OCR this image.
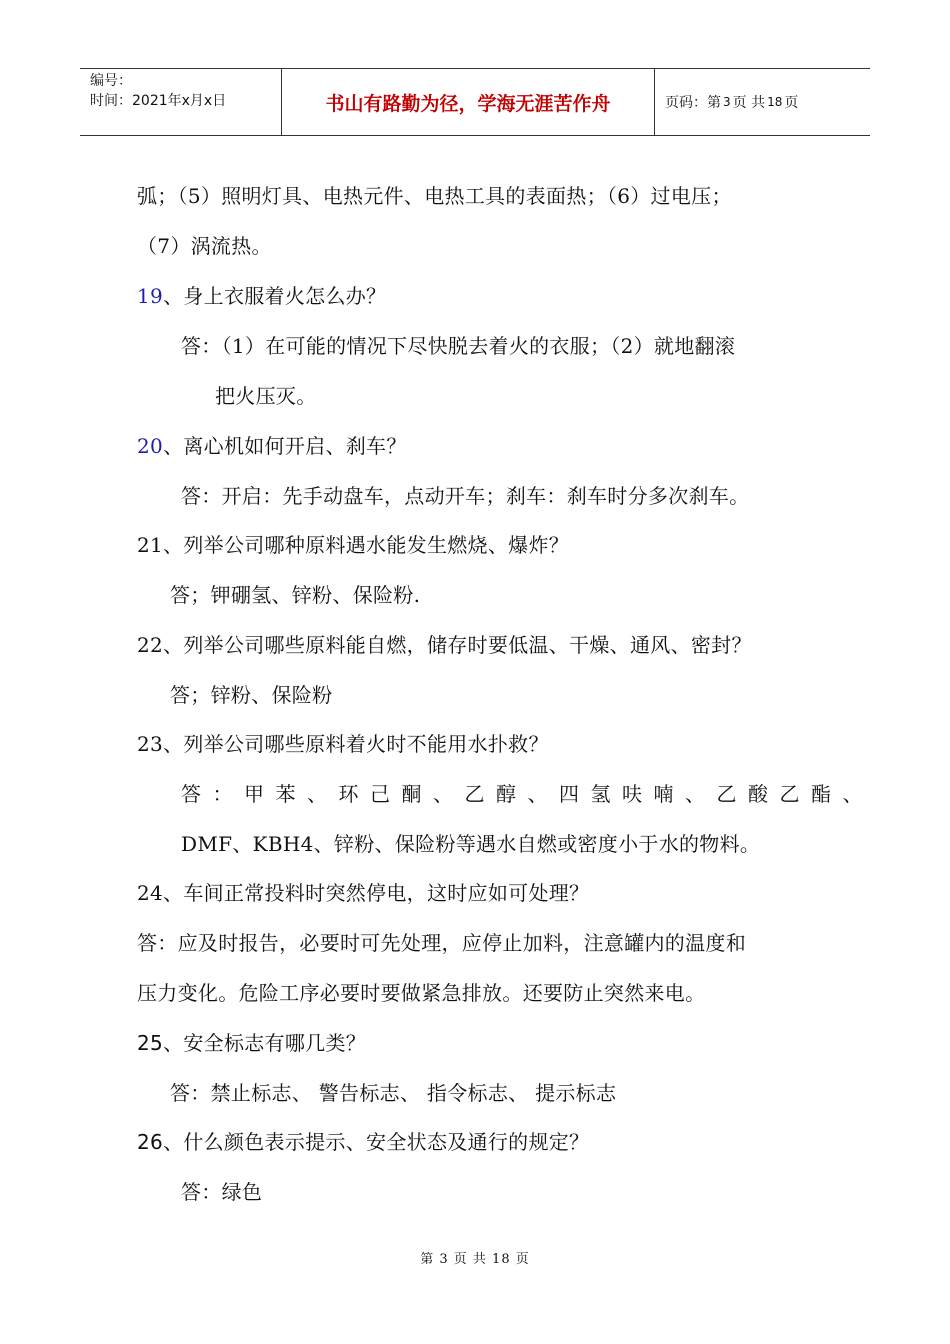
编号：
时间：2021年x月x日	书山有路勤为径，学海无涯苦作舟	页码：第 3 页 共 18 页
弧；（5）照明灯具、电热元件、电热工具的表面热；（6）过电压；
（7）涡流热。
19、身上衣服着火怎么办？
答：（1）在可能的情况下尽快脱去着火的衣服；（2）就地翻滚
把火压灭。
20、离心机如何开启、刹车？
答：开启：先手动盘车，点动开车；刹车：刹车时分多次刹车。
21、列举公司哪种原料遇水能发生燃烧、爆炸？
答；钾硼氢、锌粉、保险粉.
22、列举公司哪些原料能自燃，储存时要低温、干燥、通风、密封？
答；锌粉、保险粉
23、列举公司哪些原料着火时不能用水扑救？
答：甲苯、环己酮、乙醇、四氢呋喃、乙酸乙酯、
DMF、KBH4、锌粉、保险粉等遇水自燃或密度小于水的物料。
24、车间正常投料时突然停电，这时应如可处理？
答：应及时报告，必要时可先处理，应停止加料，注意罐内的温度和
压力变化。危险工序必要时要做紧急排放。还要防止突然来电。
25、安全标志有哪几类？
答：禁止标志、 警告标志、 指令标志、 提示标志
26、什么颜色表示提示、安全状态及通行的规定？
答：绿色
第 3 页 共 18 页
